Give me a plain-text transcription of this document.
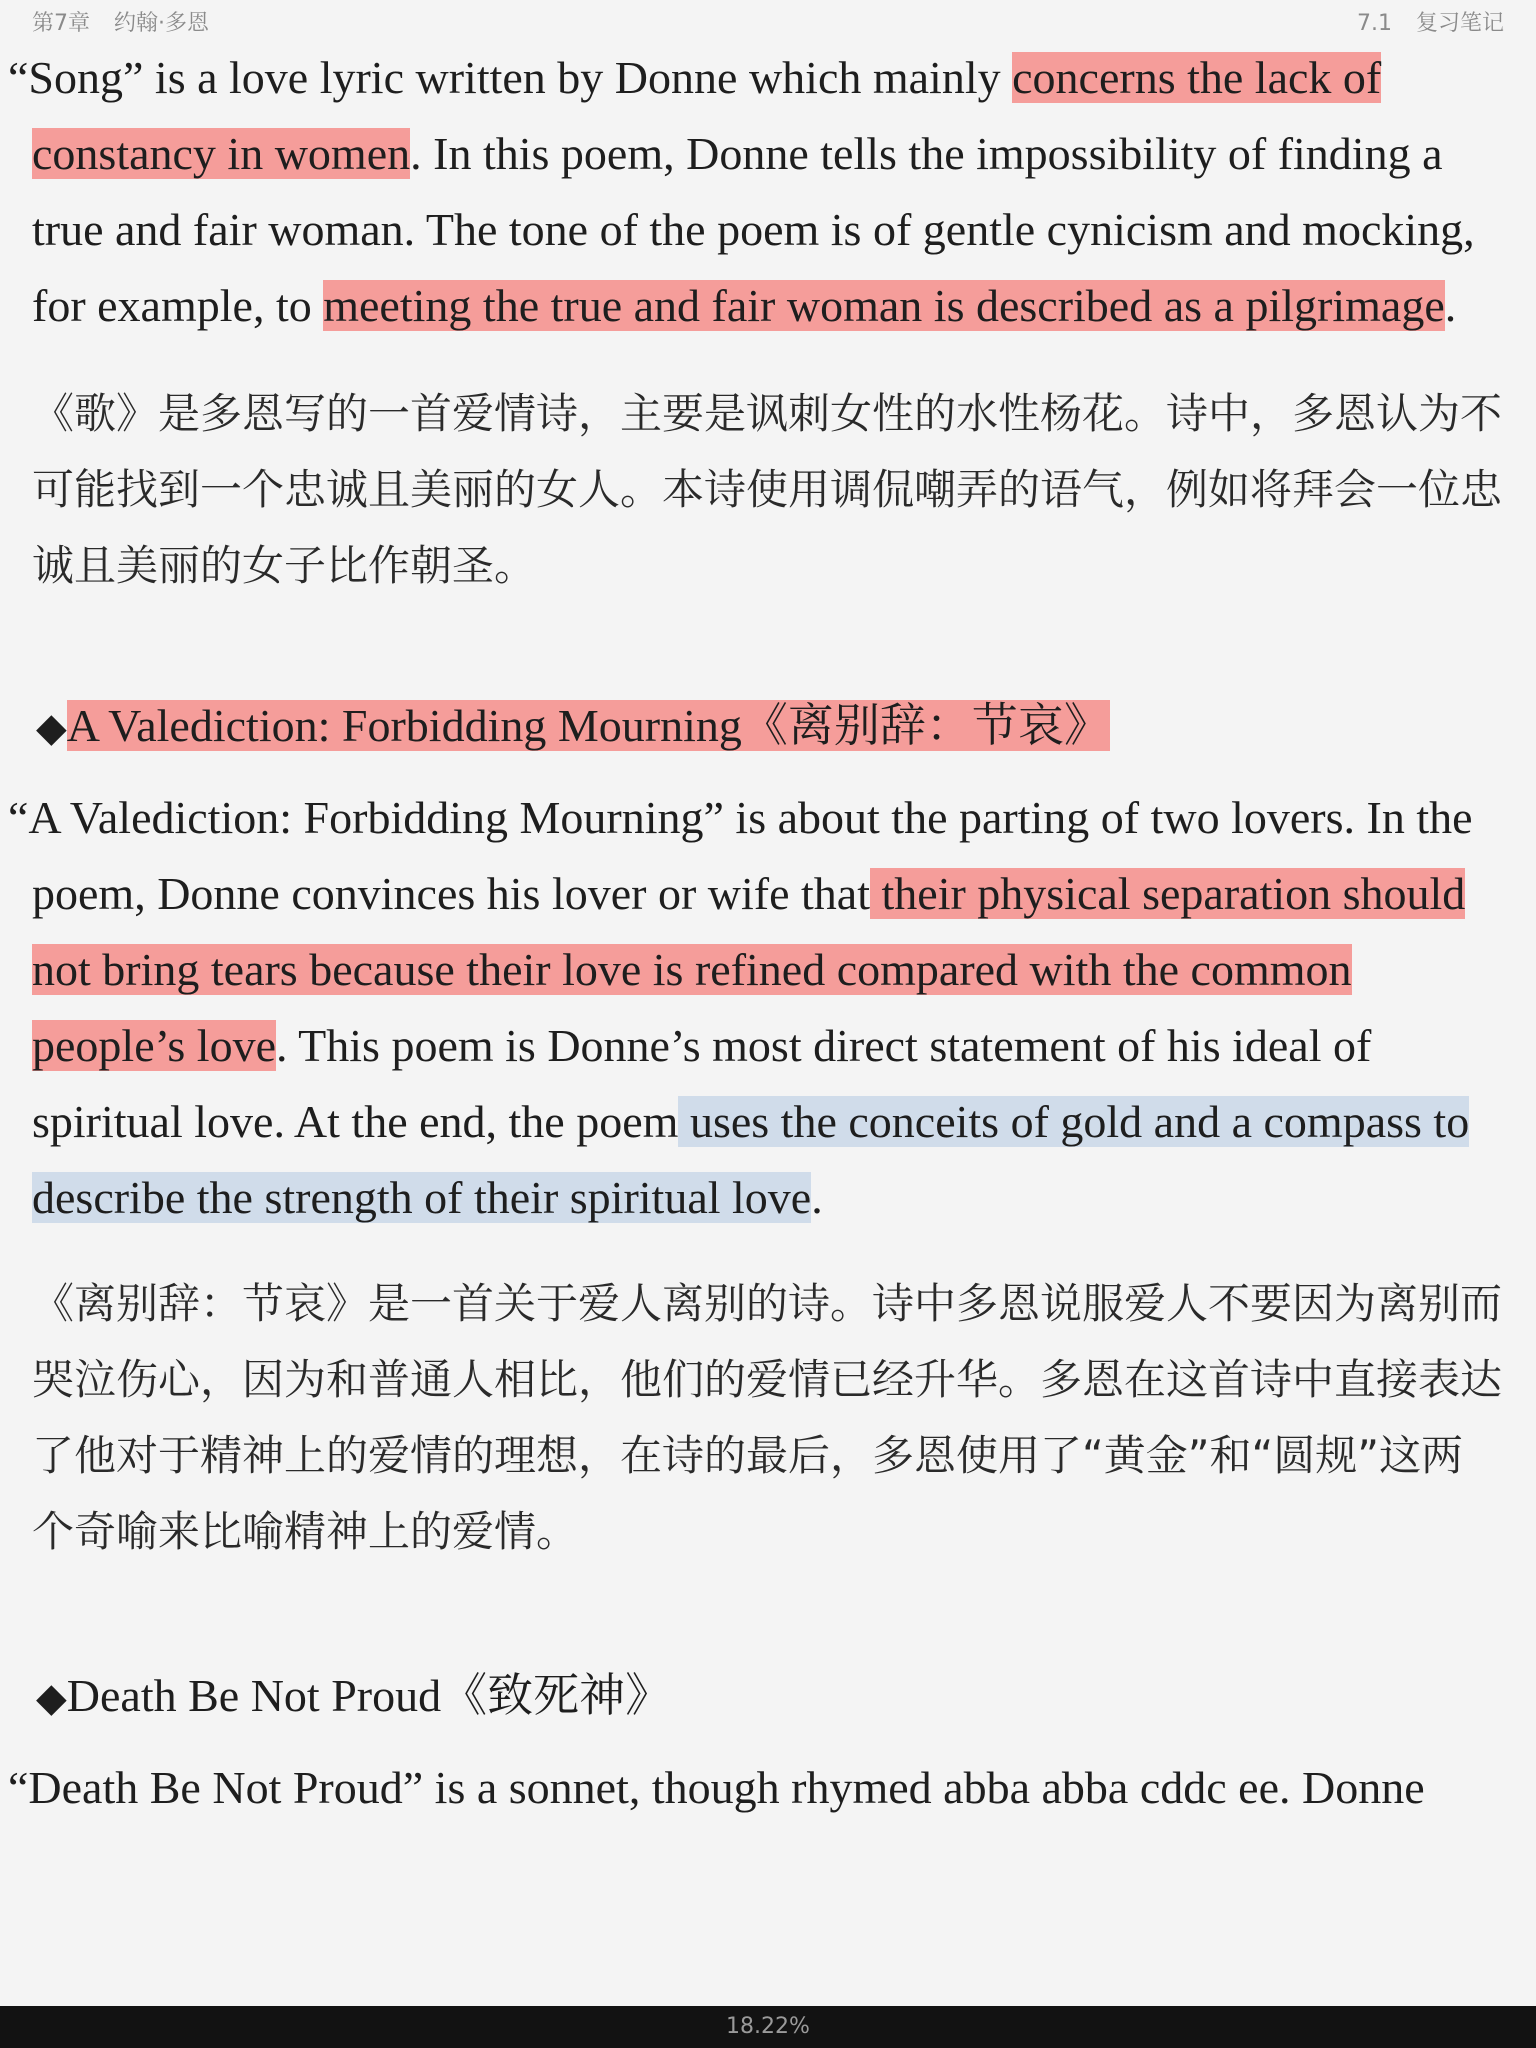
第7章 约翰·多恩	7.1 复习笔记

“Song” is a love lyric written by Donne which mainly concerns the lack of constancy in women. In this poem, Donne tells the impossibility of finding a true and fair woman. The tone of the poem is of gentle cynicism and mocking, for example, to meeting the true and fair woman is described as a pilgrimage.

《歌》是多恩写的一首爱情诗，主要是讽刺女性的水性杨花。诗中，多恩认为不可能找到一个忠诚且美丽的女人。本诗使用调侃嘲弄的语气，例如将拜会一位忠诚且美丽的女子比作朝圣。

◆A Valediction: Forbidding Mourning《离别辞：节哀》

“A Valediction: Forbidding Mourning” is about the parting of two lovers. In the poem, Donne convinces his lover or wife that their physical separation should not bring tears because their love is refined compared with the common people’s love. This poem is Donne’s most direct statement of his ideal of spiritual love. At the end, the poem uses the conceits of gold and a compass to describe the strength of their spiritual love.

《离别辞：节哀》是一首关于爱人离别的诗。诗中多恩说服爱人不要因为离别而哭泣伤心，因为和普通人相比，他们的爱情已经升华。多恩在这首诗中直接表达了他对于精神上的爱情的理想，在诗的最后，多恩使用了“黄金”和“圆规”这两个奇喻来比喻精神上的爱情。

◆Death Be Not Proud《致死神》

“Death Be Not Proud” is a sonnet, though rhymed abba abba cddc ee. Donne

18.22%
